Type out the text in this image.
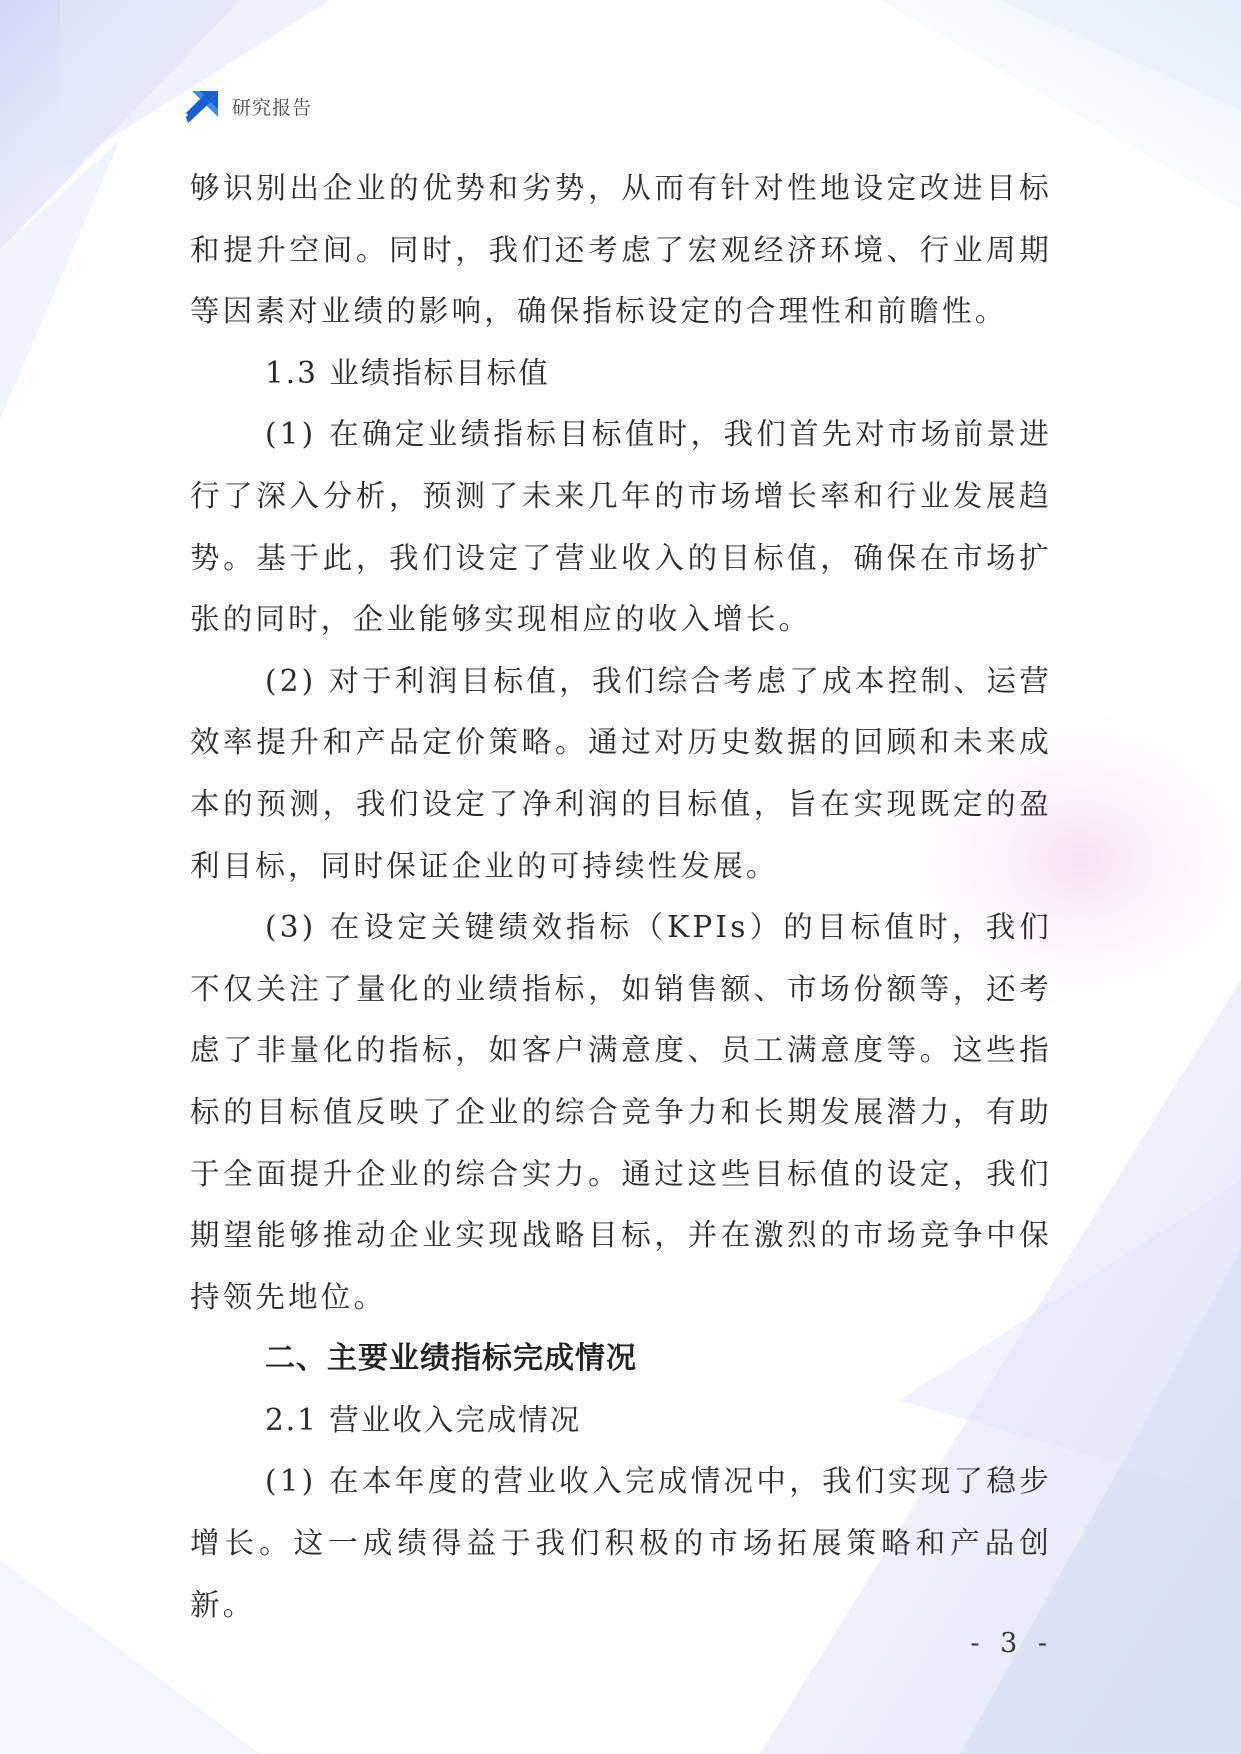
研究报告

够识别出企业的优势和劣势，从而有针对性地设定改进目标和提升空间。同时，我们还考虑了宏观经济环境、行业周期等因素对业绩的影响，确保指标设定的合理性和前瞻性。

1.3 业绩指标目标值

(1) 在确定业绩指标目标值时，我们首先对市场前景进行了深入分析，预测了未来几年的市场增长率和行业发展趋势。基于此，我们设定了营业收入的目标值，确保在市场扩张的同时，企业能够实现相应的收入增长。

(2) 对于利润目标值，我们综合考虑了成本控制、运营效率提升和产品定价策略。通过对历史数据的回顾和未来成本的预测，我们设定了净利润的目标值，旨在实现既定的盈利目标，同时保证企业的可持续性发展。

(3) 在设定关键绩效指标（KPIs）的目标值时，我们不仅关注了量化的业绩指标，如销售额、市场份额等，还考虑了非量化的指标，如客户满意度、员工满意度等。这些指标的目标值反映了企业的综合竞争力和长期发展潜力，有助于全面提升企业的综合实力。通过这些目标值的设定，我们期望能够推动企业实现战略目标，并在激烈的市场竞争中保持领先地位。

二、主要业绩指标完成情况
2.1 营业收入完成情况

(1) 在本年度的营业收入完成情况中，我们实现了稳步增长。这一成绩得益于我们积极的市场拓展策略和产品创新。

- 3 -
